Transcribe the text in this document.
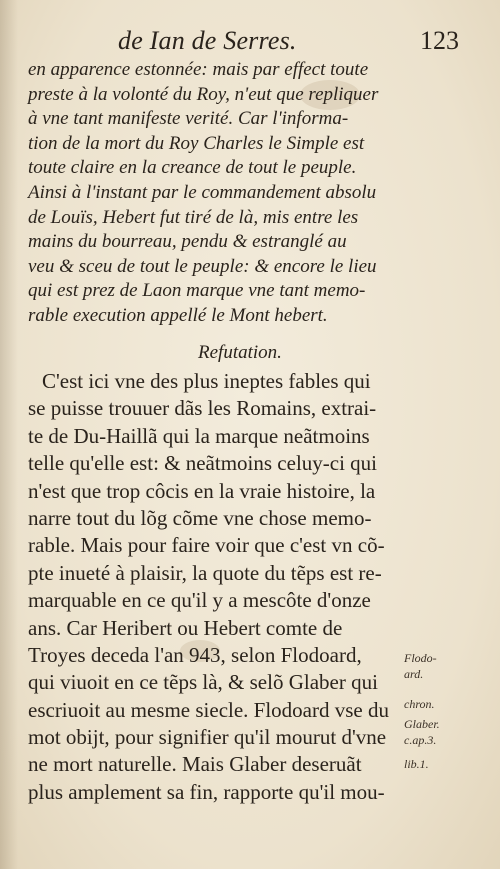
de Ian de Serres.	123
en apparence estonnée: mais par effect toute
preste à la volonté du Roy, n'eut que repliquer
à vne tant manifeste verité. Car l'informa-
tion de la mort du Roy Charles le Simple est
toute claire en la creance de tout le peuple.
Ainsi à l'instant par le commandement absolu
de Louïs, Hebert fut tiré de là, mis entre les
mains du bourreau, pendu & estranglé au
veu & sceu de tout le peuple: & encore le lieu
qui est prez de Laon marque vne tant memo-
rable execution appellé le Mont hebert.
Refutation.
C'est ici vne des plus ineptes fables qui
se puisse trouuer dãs les Romains, extrai-
te de Du-Haillã qui la marque neãtmoins
telle qu'elle est: & neãtmoins celuy-ci qui
n'est que trop côcis en la vraie histoire, la
narre tout du lõg cõme vne chose memo-
rable. Mais pour faire voir que c'est vn cõ-
pte inueté à plaisir, la quote du tẽps est re-
marquable en ce qu'il y a mescôte d'onze
ans. Car Heribert ou Hebert comte de
Troyes deceda l'an 943, selon Flodoard,
qui viuoit en ce tẽps là, & selõ Glaber qui
escriuoit au mesme siecle. Flodoard vse du
mot obijt, pour signifier qu'il mourut d'vne
ne mort naturelle. Mais Glaber deseruãt
plus amplement sa fin, rapporte qu'il mou-
Flodo-
ard.
chron.
Glaber.
c.ap.3.
lib.1.
